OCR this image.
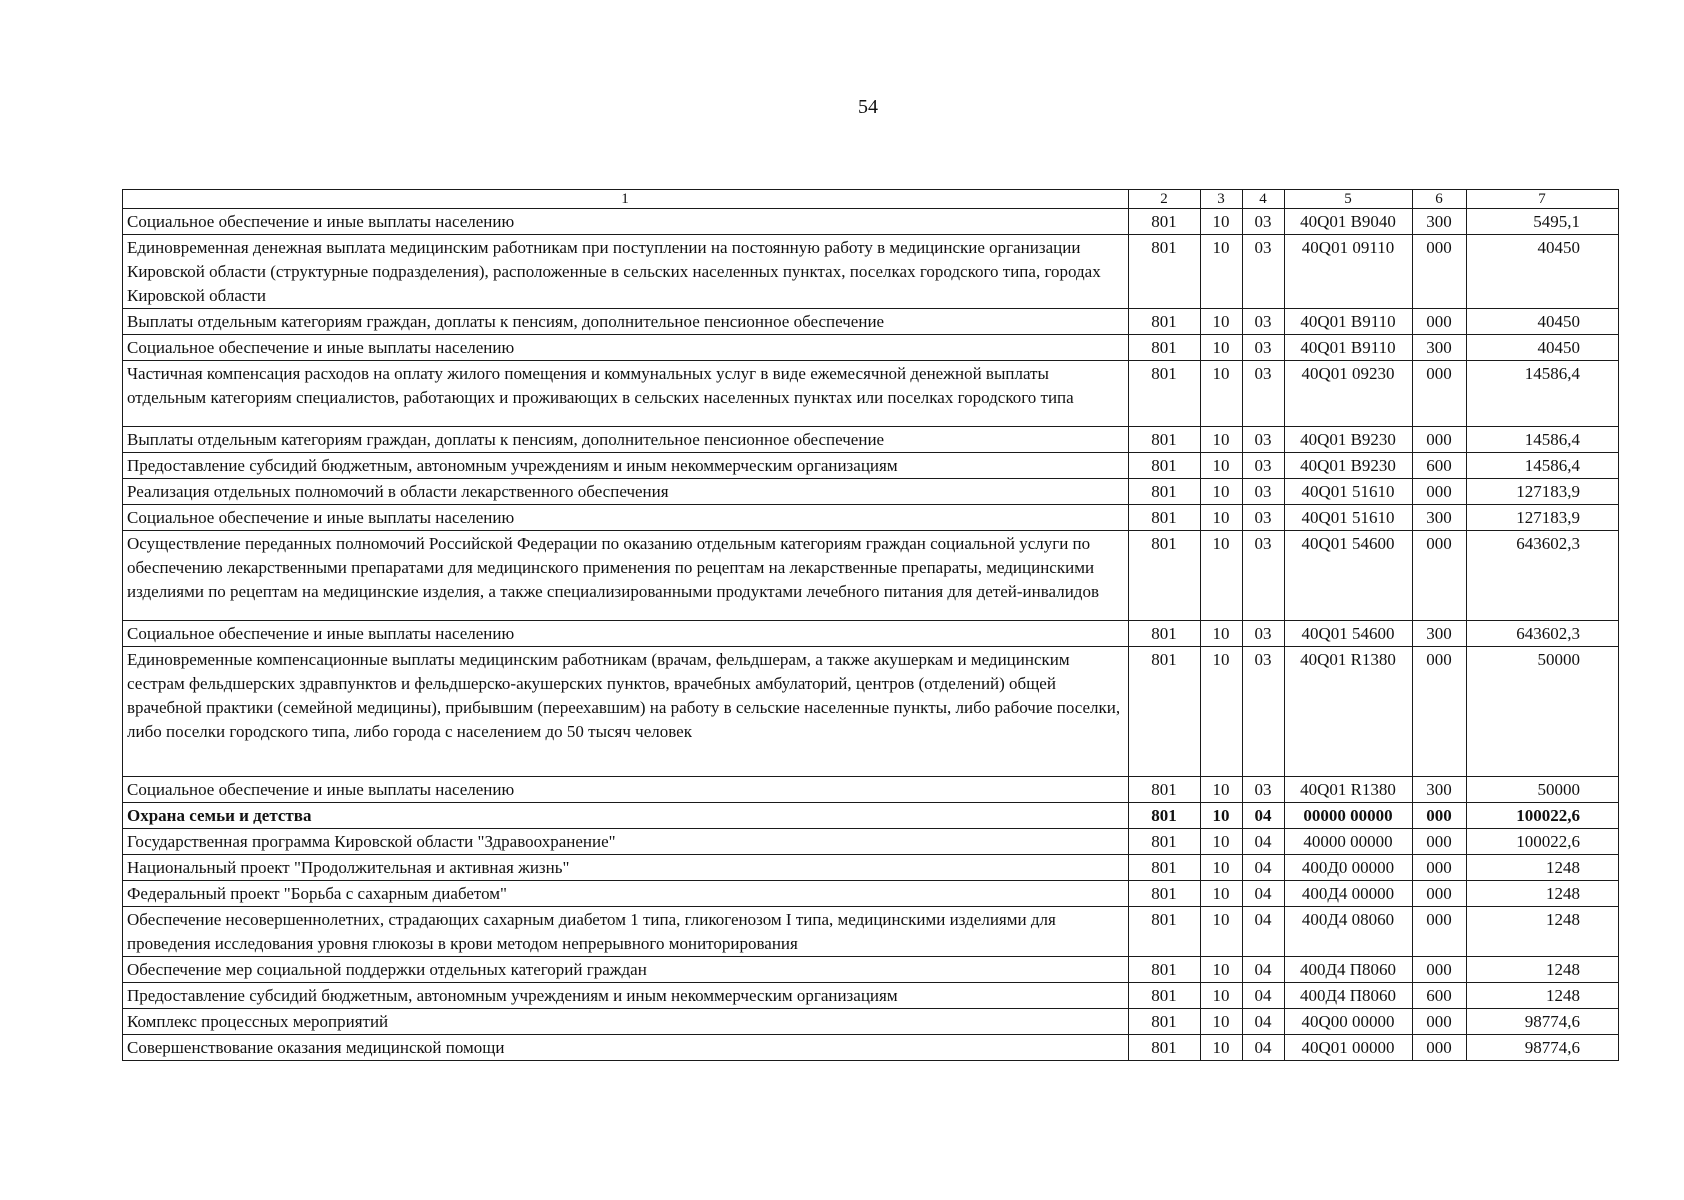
54
1	2	3	4	5	6	7
Социальное обеспечение и иные выплаты населению	801	10	03	40Q01 B9040	300	5495,1
Единовременная денежная выплата медицинским работникам при поступлении на постоянную работу в медицинские организации Кировской области (структурные подразделения), расположенные в сельских населенных пунктах, поселках городского типа, городах Кировской области	801	10	03	40Q01 09110	000	40450
Выплаты отдельным категориям граждан, доплаты к пенсиям, дополнительное пенсионное обеспечение	801	10	03	40Q01 B9110	000	40450
Социальное обеспечение и иные выплаты населению	801	10	03	40Q01 B9110	300	40450
Частичная компенсация расходов на оплату жилого помещения и коммунальных услуг в виде ежемесячной денежной выплаты отдельным категориям специалистов, работающих и проживающих в сельских населенных пунктах или поселках городского типа	801	10	03	40Q01 09230	000	14586,4
Выплаты отдельным категориям граждан, доплаты к пенсиям, дополнительное пенсионное обеспечение	801	10	03	40Q01 B9230	000	14586,4
Предоставление субсидий бюджетным, автономным учреждениям и иным некоммерческим организациям	801	10	03	40Q01 B9230	600	14586,4
Реализация отдельных полномочий в области лекарственного обеспечения	801	10	03	40Q01 51610	000	127183,9
Социальное обеспечение и иные выплаты населению	801	10	03	40Q01 51610	300	127183,9
Осуществление переданных полномочий Российской Федерации по оказанию отдельным категориям граждан социальной услуги по обеспечению лекарственными препаратами для медицинского применения по рецептам на лекарственные препараты, медицинскими изделиями по рецептам на медицинские изделия, а также специализированными продуктами лечебного питания для детей-инвалидов	801	10	03	40Q01 54600	000	643602,3
Социальное обеспечение и иные выплаты населению	801	10	03	40Q01 54600	300	643602,3
Единовременные компенсационные выплаты медицинским работникам (врачам, фельдшерам, а также акушеркам и медицинским сестрам фельдшерских здравпунктов и фельдшерско-акушерских пунктов, врачебных амбулаторий, центров (отделений) общей врачебной практики (семейной медицины), прибывшим (переехавшим) на работу в сельские населенные пункты, либо рабочие поселки, либо поселки городского типа, либо города с населением до 50 тысяч человек	801	10	03	40Q01 R1380	000	50000
Социальное обеспечение и иные выплаты населению	801	10	03	40Q01 R1380	300	50000
Охрана семьи и детства	801	10	04	00000 00000	000	100022,6
Государственная программа Кировской области "Здравоохранение"	801	10	04	40000 00000	000	100022,6
Национальный проект "Продолжительная и активная жизнь"	801	10	04	400Д0 00000	000	1248
Федеральный проект "Борьба с сахарным диабетом"	801	10	04	400Д4 00000	000	1248
Обеспечение несовершеннолетних, страдающих сахарным диабетом 1 типа, гликогенозом I типа, медицинскими изделиями для проведения исследования уровня глюкозы в крови методом непрерывного мониторирования	801	10	04	400Д4 08060	000	1248
Обеспечение мер социальной поддержки отдельных категорий граждан	801	10	04	400Д4 П8060	000	1248
Предоставление субсидий бюджетным, автономным учреждениям и иным некоммерческим организациям	801	10	04	400Д4 П8060	600	1248
Комплекс процессных мероприятий	801	10	04	40Q00 00000	000	98774,6
Совершенствование оказания медицинской помощи	801	10	04	40Q01 00000	000	98774,6
